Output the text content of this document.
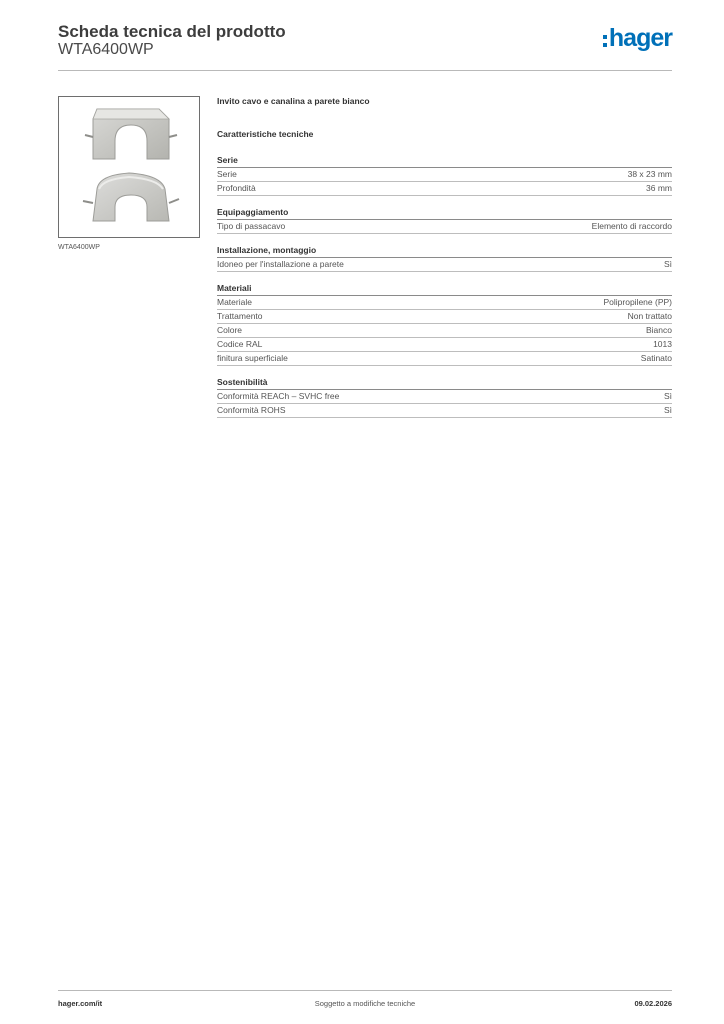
Scheda tecnica del prodotto
WTA6400WP	hager
WTA6400WP
Invito cavo e canalina a parete bianco
Caratteristiche tecniche
Serie
Serie	38 x 23 mm
Profondità	36 mm
Equipaggiamento
Tipo di passacavo	Elemento di raccordo
Installazione, montaggio
Idoneo per l'installazione a parete	Sì
Materiali
Materiale	Polipropilene (PP)
Trattamento	Non trattato
Colore	Bianco
Codice RAL	1013
finitura superficiale	Satinato
Sostenibilità
Conformità REACh – SVHC free	Sì
Conformità ROHS	Sì
hager.com/it	Soggetto a modifiche tecniche	09.02.2026
